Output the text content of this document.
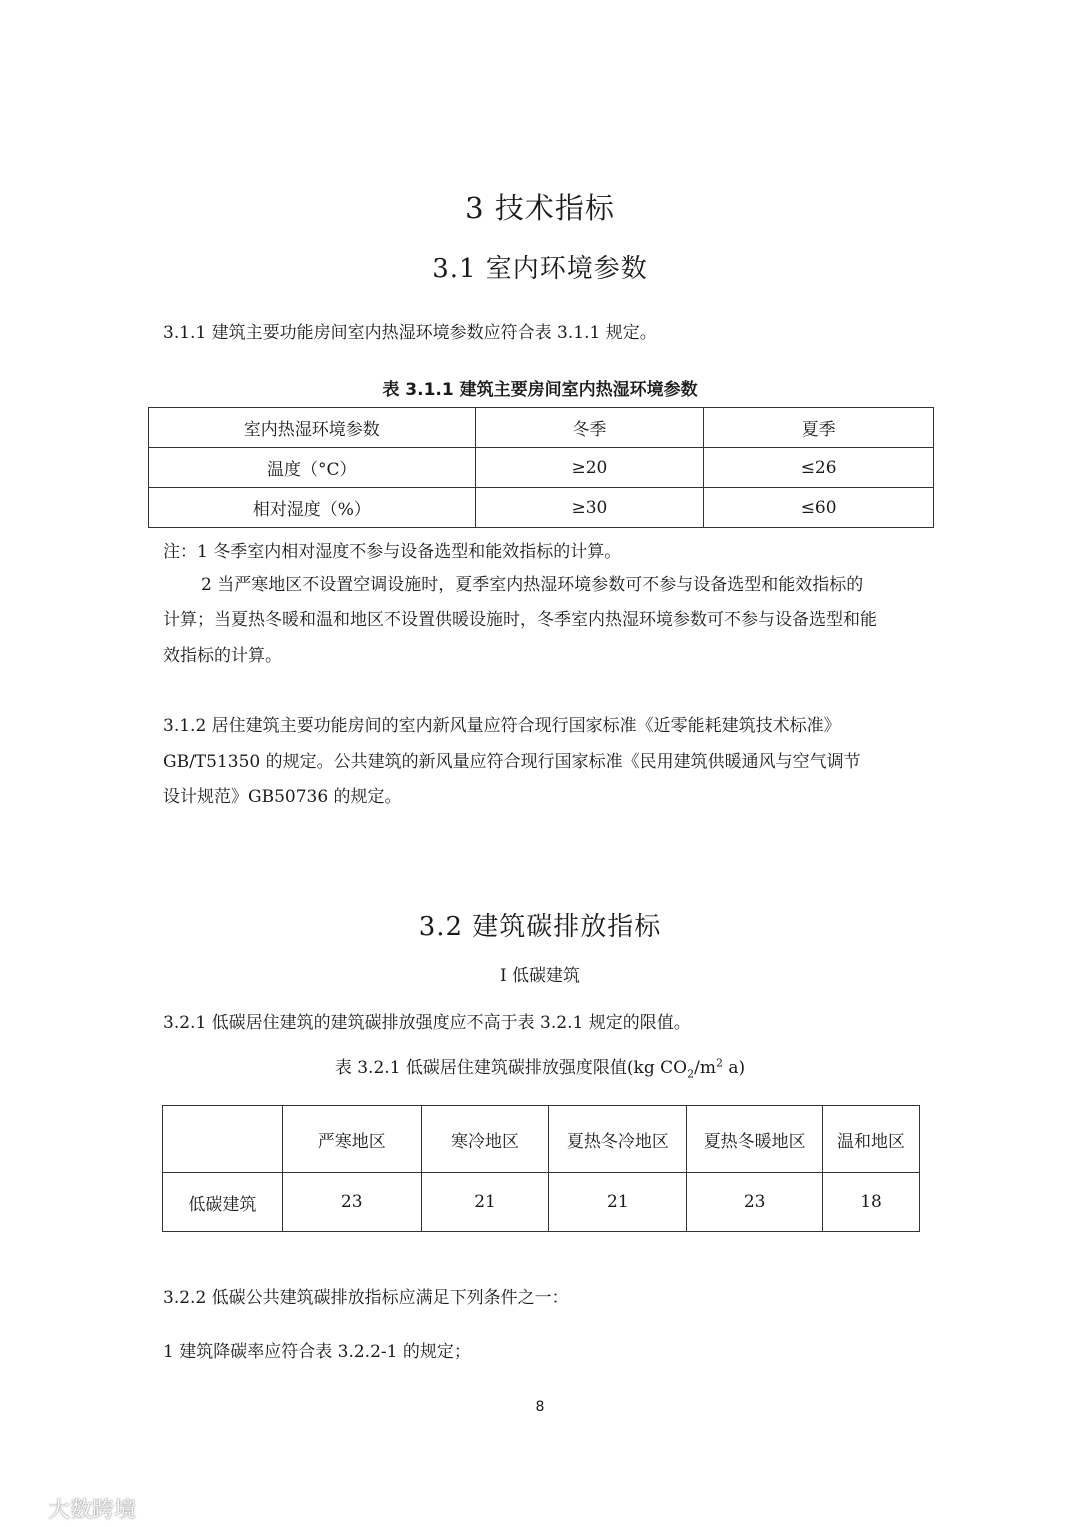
3 技术指标
3.1 室内环境参数
3.1.1 建筑主要功能房间室内热湿环境参数应符合表 3.1.1 规定。
表 3.1.1 建筑主要房间室内热湿环境参数
室内热湿环境参数	冬季	夏季
温度（°C）	≥20	≤26
相对湿度（%）	≥30	≤60
注：1 冬季室内相对湿度不参与设备选型和能效指标的计算。
2 当严寒地区不设置空调设施时，夏季室内热湿环境参数可不参与设备选型和能效指标的
计算；当夏热冬暖和温和地区不设置供暖设施时，冬季室内热湿环境参数可不参与设备选型和能
效指标的计算。
3.1.2 居住建筑主要功能房间的室内新风量应符合现行国家标准《近零能耗建筑技术标准》
GB/T51350 的规定。公共建筑的新风量应符合现行国家标准《民用建筑供暖通风与空气调节
设计规范》GB50736 的规定。
3.2 建筑碳排放指标
I 低碳建筑
3.2.1 低碳居住建筑的建筑碳排放强度应不高于表 3.2.1 规定的限值。
表 3.2.1 低碳居住建筑碳排放强度限值(kg $CO_2/m^2$ a)
	严寒地区	寒冷地区	夏热冬冷地区	夏热冬暖地区	温和地区
低碳建筑	23	21	21	23	18
3.2.2 低碳公共建筑碳排放指标应满足下列条件之一：
1 建筑降碳率应符合表 3.2.2-1 的规定；
8
大数跨境
